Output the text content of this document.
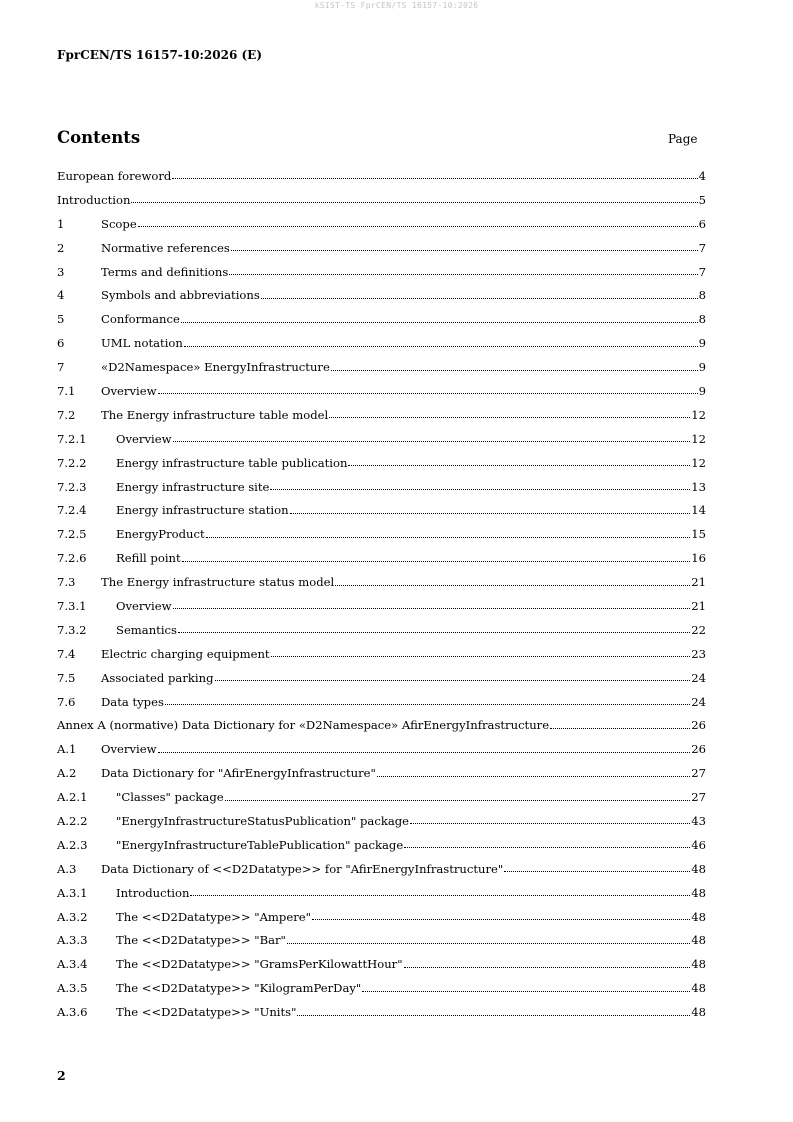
kSIST-TS FprCEN/TS 16157-10:2026
FprCEN/TS 16157-10:2026 (E)
Contents	Page
European foreword	4
Introduction	5
1	Scope	6
2	Normative references	7
3	Terms and definitions	7
4	Symbols and abbreviations	8
5	Conformance	8
6	UML notation	9
7	«D2Namespace» EnergyInfrastructure	9
7.1	Overview	9
7.2	The Energy infrastructure table model	12
7.2.1	Overview	12
7.2.2	Energy infrastructure table publication	12
7.2.3	Energy infrastructure site	13
7.2.4	Energy infrastructure station	14
7.2.5	EnergyProduct	15
7.2.6	Refill point	16
7.3	The Energy infrastructure status model	21
7.3.1	Overview	21
7.3.2	Semantics	22
7.4	Electric charging equipment	23
7.5	Associated parking	24
7.6	Data types	24
Annex A (normative) Data Dictionary for «D2Namespace» AfirEnergyInfrastructure	26
A.1	Overview	26
A.2	Data Dictionary for "AfirEnergyInfrastructure"	27
A.2.1	"Classes" package	27
A.2.2	"EnergyInfrastructureStatusPublication" package	43
A.2.3	"EnergyInfrastructureTablePublication" package	46
A.3	Data Dictionary of <<D2Datatype>> for "AfirEnergyInfrastructure"	48
A.3.1	Introduction	48
A.3.2	The <<D2Datatype>> "Ampere"	48
A.3.3	The <<D2Datatype>> "Bar"	48
A.3.4	The <<D2Datatype>> "GramsPerKilowattHour"	48
A.3.5	The <<D2Datatype>> "KilogramPerDay"	48
A.3.6	The <<D2Datatype>> "Units"	48
2
